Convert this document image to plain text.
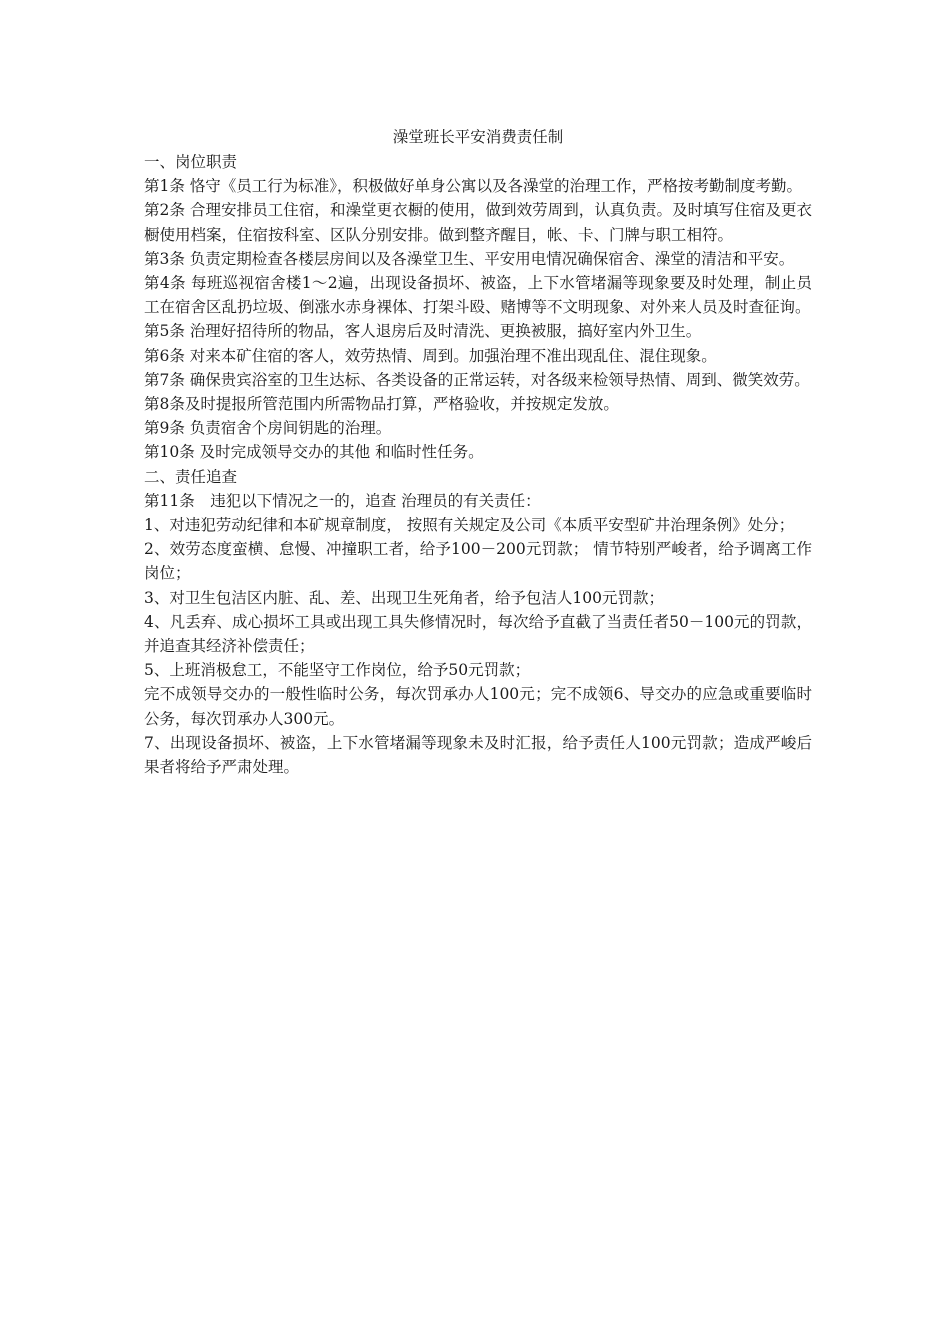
澡堂班长平安消费责任制

一、岗位职责

第1条 恪守《员工行为标准》，积极做好单身公寓以及各澡堂的治理工作，严格按考勤制度考勤。

第2条 合理安排员工住宿，和澡堂更衣橱的使用，做到效劳周到，认真负责。及时填写住宿及更衣橱使用档案，住宿按科室、区队分别安排。做到整齐醒目，帐、卡、门牌与职工相符。

第3条 负责定期检查各楼层房间以及各澡堂卫生、平安用电情况确保宿舍、澡堂的清洁和平安。

第4条 每班巡视宿舍楼1～2遍，出现设备损坏、被盗，上下水管堵漏等现象要及时处理，制止员工在宿舍区乱扔垃圾、倒涨水赤身裸体、打架斗殴、赌博等不文明现象、对外来人员及时查征询。

第5条 治理好招待所的物品，客人退房后及时清洗、更换被服，搞好室内外卫生。

第6条 对来本矿住宿的客人，效劳热情、周到。加强治理不准出现乱住、混住现象。

第7条 确保贵宾浴室的卫生达标、各类设备的正常运转，对各级来检领导热情、周到、微笑效劳。

第8条及时提报所管范围内所需物品打算，严格验收，并按规定发放。

第9条 负责宿舍个房间钥匙的治理。

第10条 及时完成领导交办的其他 和临时性任务。

二、责任追查

第11条　违犯以下情况之一的，追查 治理员的有关责任：

1、对违犯劳动纪律和本矿规章制度， 按照有关规定及公司《本质平安型矿井治理条例》处分；

2、效劳态度蛮横、怠慢、冲撞职工者，给予100－200元罚款； 情节特别严峻者，给予调离工作岗位；

3、对卫生包洁区内脏、乱、差、出现卫生死角者，给予包洁人100元罚款；

4、凡丢弃、成心损坏工具或出现工具失修情况时，每次给予直截了当责任者50－100元的罚款，并追查其经济补偿责任；

5、上班消极怠工，不能坚守工作岗位，给予50元罚款；

完不成领导交办的一般性临时公务，每次罚承办人100元；完不成领6、导交办的应急或重要临时公务，每次罚承办人300元。

7、出现设备损坏、被盗，上下水管堵漏等现象未及时汇报，给予责任人100元罚款；造成严峻后果者将给予严肃处理。
